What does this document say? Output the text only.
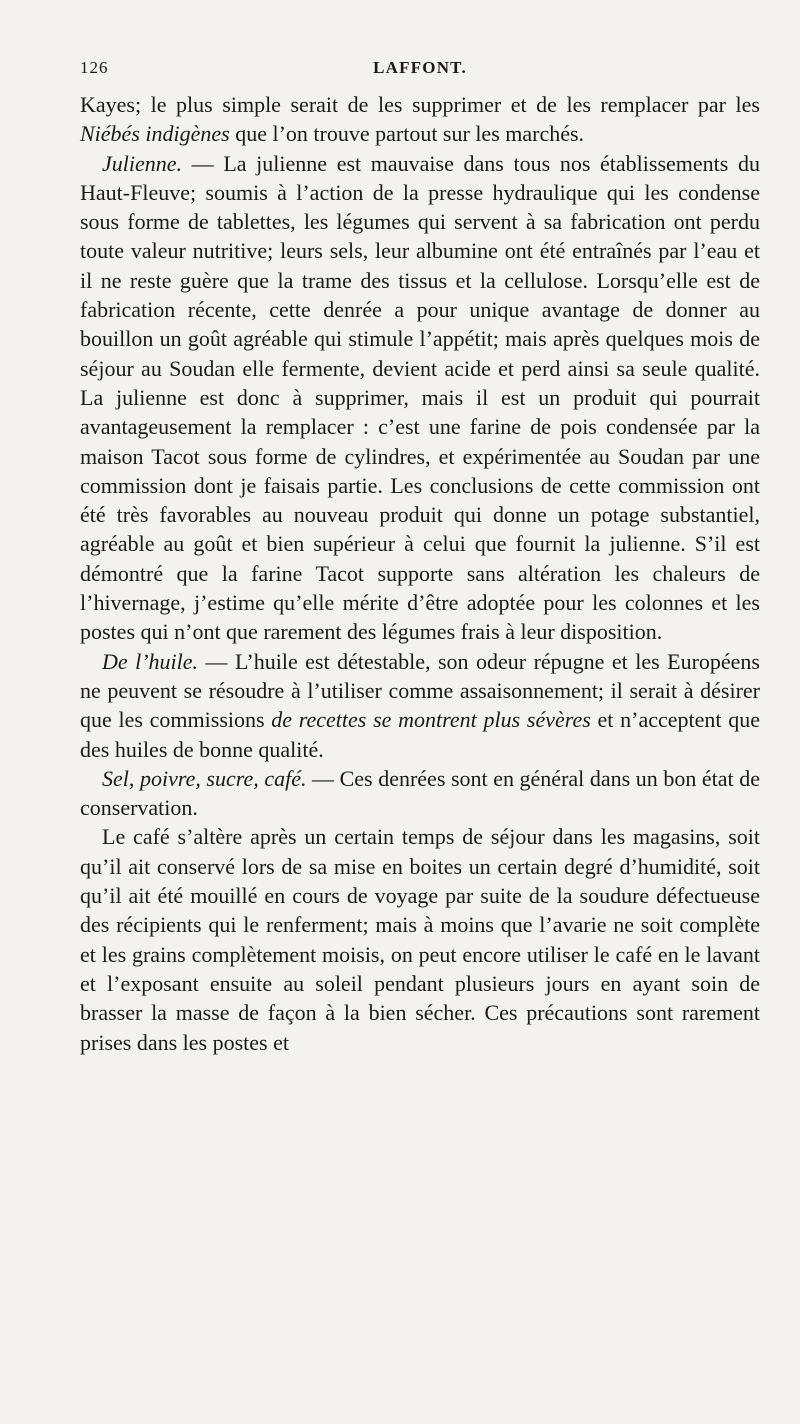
126	LAFFONT.

Kayes; le plus simple serait de les supprimer et de les remplacer par les Niébés indigènes que l’on trouve partout sur les marchés.

Julienne. — La julienne est mauvaise dans tous nos établissements du Haut-Fleuve; soumis à l’action de la presse hydraulique qui les condense sous forme de tablettes, les légumes qui servent à sa fabrication ont perdu toute valeur nutritive; leurs sels, leur albumine ont été entraînés par l’eau et il ne reste guère que la trame des tissus et la cellulose. Lorsqu’elle est de fabrication récente, cette denrée a pour unique avantage de donner au bouillon un goût agréable qui stimule l’appétit; mais après quelques mois de séjour au Soudan elle fermente, devient acide et perd ainsi sa seule qualité. La julienne est donc à supprimer, mais il est un produit qui pourrait avantageusement la remplacer : c’est une farine de pois condensée par la maison Tacot sous forme de cylindres, et expérimentée au Soudan par une commission dont je faisais partie. Les conclusions de cette commission ont été très favorables au nouveau produit qui donne un potage substantiel, agréable au goût et bien supérieur à celui que fournit la julienne. S’il est démontré que la farine Tacot supporte sans altération les chaleurs de l’hivernage, j’estime qu’elle mérite d’être adoptée pour les colonnes et les postes qui n’ont que rarement des légumes frais à leur disposition.

De l’huile. — L’huile est détestable, son odeur répugne et les Européens ne peuvent se résoudre à l’utiliser comme assaisonnement; il serait à désirer que les commissions de recettes se montrent plus sévères et n’acceptent que des huiles de bonne qualité.

Sel, poivre, sucre, café. — Ces denrées sont en général dans un bon état de conservation.

Le café s’altère après un certain temps de séjour dans les magasins, soit qu’il ait conservé lors de sa mise en boites un certain degré d’humidité, soit qu’il ait été mouillé en cours de voyage par suite de la soudure défectueuse des récipients qui le renferment; mais à moins que l’avarie ne soit complète et les grains complètement moisis, on peut encore utiliser le café en le lavant et l’exposant ensuite au soleil pendant plusieurs jours en ayant soin de brasser la masse de façon à la bien sécher. Ces précautions sont rarement prises dans les postes et
